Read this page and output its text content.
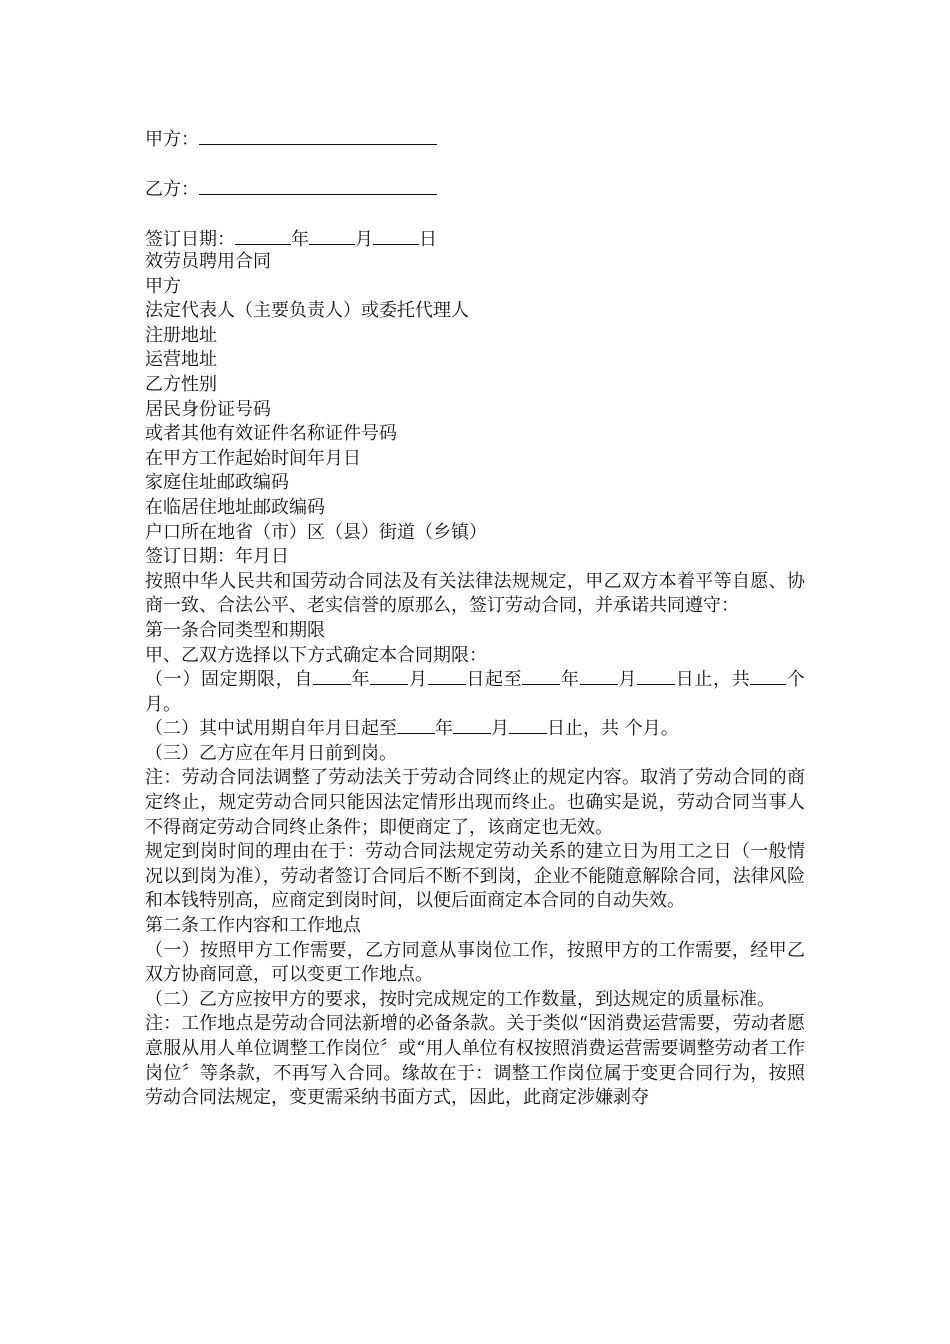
甲方：
乙方：
签订日期：	年	月	日

效劳员聘用合同

甲方

法定代表人（主要负责人）或委托代理人

注册地址

运营地址

乙方性别

居民身份证号码

或者其他有效证件名称证件号码

在甲方工作起始时间年月日

家庭住址邮政编码

在临居住地址邮政编码

户口所在地省（市）区（县）街道（乡镇）

签订日期：年月日

按照中华人民共和国劳动合同法及有关法律法规规定，甲乙双方本着平等自愿、协商一致、合法公平、老实信誉的原那么，签订劳动合同，并承诺共同遵守：

第一条合同类型和期限

甲、乙双方选择以下方式确定本合同期限：

（一）固定期限，自 年 月 日起至 年 月 日止，共 个月。

（二）其中试用期自年月日起至 年 月 日止，共 个月。

（三）乙方应在年月日前到岗。

注：劳动合同法调整了劳动法关于劳动合同终止的规定内容。取消了劳动合同的商定终止，规定劳动合同只能因法定情形出现而终止。也确实是说，劳动合同当事人不得商定劳动合同终止条件；即便商定了，该商定也无效。

规定到岗时间的理由在于：劳动合同法规定劳动关系的建立日为用工之日（一般情况以到岗为准），劳动者签订合同后不断不到岗，企业不能随意解除合同，法律风险和本钱特别高，应商定到岗时间，以便后面商定本合同的自动失效。

第二条工作内容和工作地点

（一）按照甲方工作需要，乙方同意从事岗位工作，按照甲方的工作需要，经甲乙双方协商同意，可以变更工作地点。

（二）乙方应按甲方的要求，按时完成规定的工作数量，到达规定的质量标准。

注：工作地点是劳动合同法新增的必备条款。关于类似“因消费运营需要，劳动者愿意服从用人单位调整工作岗位〞或“用人单位有权按照消费运营需要调整劳动者工作岗位〞等条款，不再写入合同。缘故在于：调整工作岗位属于变更合同行为，按照劳动合同法规定，变更需采纳书面方式，因此，此商定涉嫌剥夺
